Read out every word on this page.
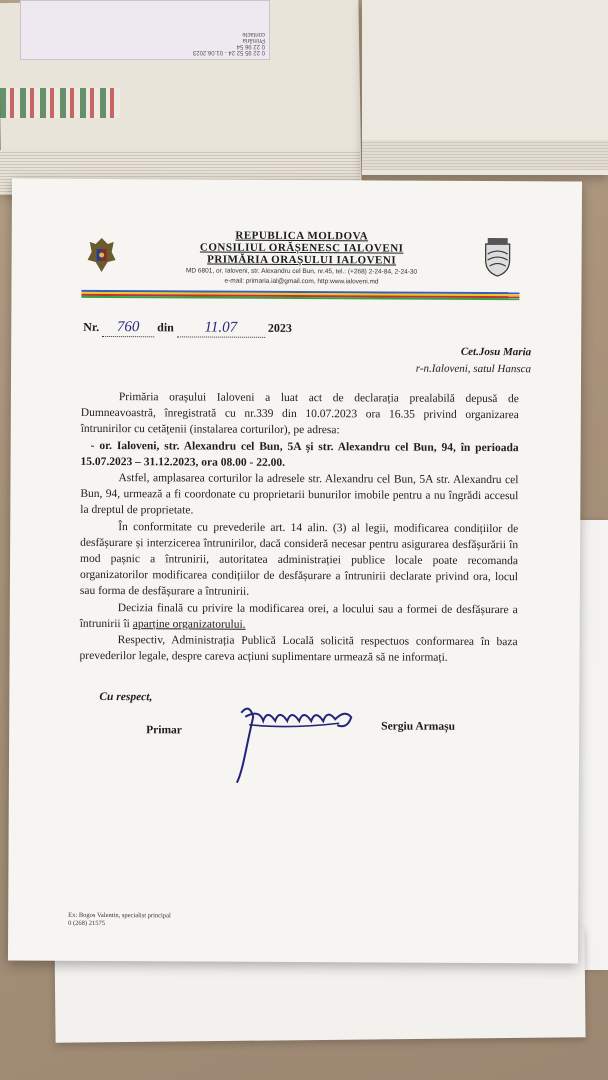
0 22 95 52 24 - 01.06.2023
0 22 96 54
Primăria
contacte
REPUBLICA MOLDOVA
CONSILIUL ORĂȘENESC IALOVENI
PRIMĂRIA ORAȘULUI IALOVENI
MD 6801, or. Ialoveni, str. Alexandru cel Bun, nr.45, tel.: (+268) 2-24-84, 2-24-30
e-mail: primaria.ial@gmail.com, http:www.ialoveni.md
Nr. 760 din 11.07	2023
Cet.Josu Maria
r-n.Ialoveni, satul Hansca

Primăria orașului Ialoveni a luat act de declarația prealabilă depusă de Dumneavoastră, înregistrată cu nr.339 din 10.07.2023 ora 16.35 privind organizarea întrunirilor cu cetățenii (instalarea corturilor), pe adresa:

- or. Ialoveni, str. Alexandru cel Bun, 5A și str. Alexandru cel Bun, 94, în perioada 15.07.2023 – 31.12.2023, ora 08.00 - 22.00.

Astfel, amplasarea corturilor la adresele str. Alexandru cel Bun, 5A str. Alexandru cel Bun, 94, urmează a fi coordonate cu proprietarii bunurilor imobile pentru a nu îngrădi accesul la dreptul de proprietate.

În conformitate cu prevederile art. 14 alin. (3) al legii, modificarea condițiilor de desfășurare și interzicerea întrunirilor, dacă consideră necesar pentru asigurarea desfășurării în mod pașnic a întrunirii, autoritatea administrației publice locale poate recomanda organizatorilor modificarea condițiilor de desfășurare a întrunirii declarate privind ora, locul sau forma de desfășurare a întrunirii.

Decizia finală cu privire la modificarea orei, a locului sau a formei de desfășurare a întrunirii îi aparține organizatorului.

Respectiv, Administrația Publică Locală solicită respectuos conformarea în baza prevederilor legale, despre careva acțiuni suplimentare urmează să ne informați.

Cu respect,
Primar	Sergiu Armașu
Ex: Bogos Valentin, specialist principal
0 (268) 21575
